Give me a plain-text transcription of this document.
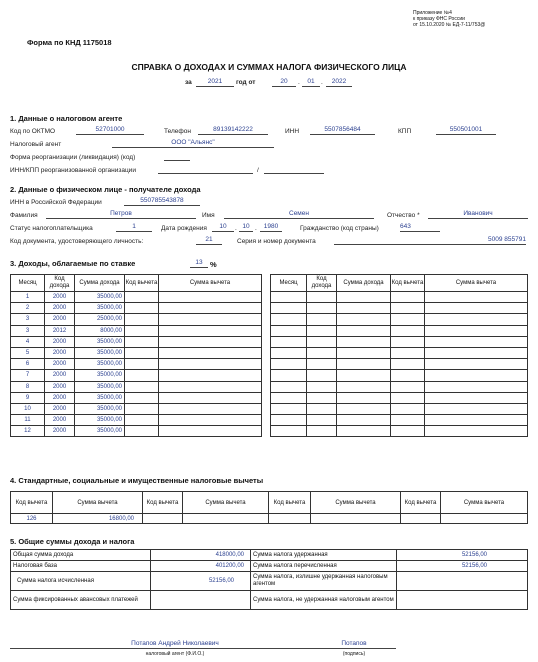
Приложение №4
к приказу ФНС России
от 15.10.2020 № ЕД-7-11/753@
Форма по КНД 1175018
СПРАВКА О ДОХОДАХ И СУММАХ НАЛОГА ФИЗИЧЕСКОГО ЛИЦА
за	2021	год от	20	.	01 .	2022
1. Данные о налоговом агенте
Код по ОКТМО	52701000	Телефон	89139142222	ИНН	5507856484	КПП	550501001
Налоговый агент	ООО "Альянс"
Форма реорганизации (ликвидация) (код)
ИНН/КПП реорганизованной организации	/
2. Данные о физическом лице - получателе дохода
ИНН в Российской Федерации	550785543878
Фамилия	Петров	Имя	Семен	Отчество *	Иванович
Статус налогоплательщика	1	Дата рождения	10	. 10 .	1980	Гражданство (код страны)	643
Код документа, удостоверяющего личность:	21	Серия и номер документа	5009 855791
3. Доходы, облагаемые по ставке	13 %
Месяц	Код дохода	Сумма дохода	Код вычета	Сумма вычета
1	2000	35000,00		
2	2000	35000,00		
3	2000	25000,00		
3	2012	8000,00		
4	2000	35000,00		
5	2000	35000,00		
6	2000	35000,00		
7	2000	35000,00		
8	2000	35000,00		
9	2000	35000,00		
10	2000	35000,00		
11	2000	35000,00		
12	2000	35000,00		
Месяц	Код дохода	Сумма дохода	Код вычета	Сумма вычета

4. Стандартные, социальные и имущественные налоговые вычеты
Код вычета	Сумма вычета	Код вычета	Сумма вычета	Код вычета	Сумма вычета	Код вычета	Сумма вычета
126	16800,00						
5. Общие суммы дохода и налога
Общая сумма дохода	418000,00	Сумма налога удержанная	52156,00
Налоговая база	401200,00	Сумма налога перечисленная	52156,00
Сумма налога исчисленная	52156,00	Сумма налога, излишне удержанная налоговым агентом	
Сумма фиксированных авансовых платежей		Сумма налога, не удержанная налоговым агентом	
Потапов Андрей Николаевич
налоговый агент (Ф.И.О.)
Потапов
(подпись)
